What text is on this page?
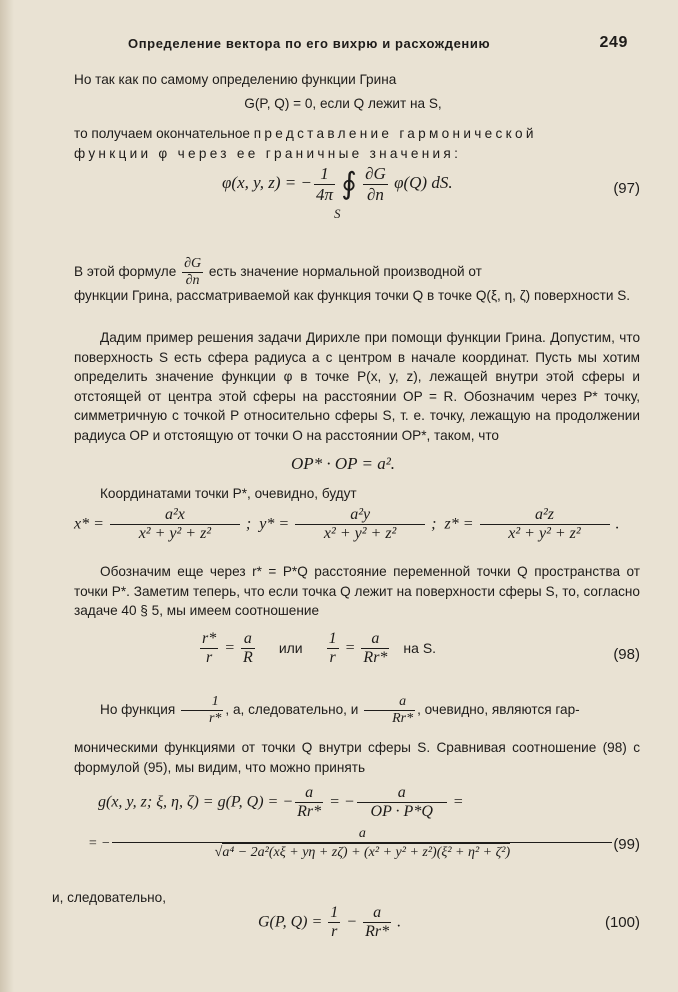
Определение вектора по его вихрю и расхождению	249
Но так как по самому определению функции Грина
G(P, Q) = 0, если Q лежит на S,
то получаем окончательное представление гармонической
функции φ через ее граничные значения:
φ(x, y, z) = − $\frac{1}{4\pi}$ ∮ $\frac{\partial G}{\partial n} \varphi(Q)$ dS.
S
(97)
В этой формуле $\frac{\partial G}{\partial n}$ есть значение нормальной производной от
функции Грина, рассматриваемой как функция точки Q в точке Q(ξ, η, ζ) поверхности S.
Дадим пример решения задачи Дирихле при помощи функции Грина. Допустим, что поверхность S есть сфера радиуса a с центром в начале координат. Пусть мы хотим определить значение функции φ в точке P(x, y, z), лежащей внутри этой сферы и отстоящей от центра этой сферы на расстоянии OP = R. Обозначим через P* точку, симметричную с точкой P относительно сферы S, т. е. точку, лежащую на продолжении радиуса OP и отстоящую от точки O на расстоянии OP*, таком, что
OP* · OP = a².
Координатами точки P*, очевидно, будут
$x* = \frac{\text{a²x}}{\text{x² + y² + z²}}$ ;  $y* = \frac{\text{a²y}}{\text{x² + y² + z²}}$ ;  $z* = \frac{\text{a²z}}{\text{x² + y² + z²}}$ .
Обозначим еще через r* = P*Q расстояние переменной точки Q пространства от точки P*. Заметим теперь, что если точка Q лежит на поверхности сферы S, то, согласно задаче 40 § 5, мы имеем соотношение
$\frac{r*}{r} = \frac{a}{R}$ или $\frac{1}{r} = \frac{a}{Rr*}$ на S.	(98)
Но функция $\frac{1}{r*}$ , а, следовательно, и $\frac{a}{Rr*}$ , очевидно, являются гар-
моническими функциями от точки Q внутри сферы S. Сравнивая соотношение (98) с формулой (95), мы видим, что можно принять
g(x, y, z; ξ, η, ζ) = g(P, Q) = − $\frac{a}{Rr*}$ = − $\frac{a}{OP \cdot P*Q}$ =
= − $\frac{a}{\text{√a⁴ − 2a²(xξ + yη + zζ) + (x² + y² + z²)(ξ² + η² + ζ²)}} (99)$
и, следовательно,
G(P, $Q) = \frac{1}{r} - \frac{a}{Rr*}$ .	(100)
